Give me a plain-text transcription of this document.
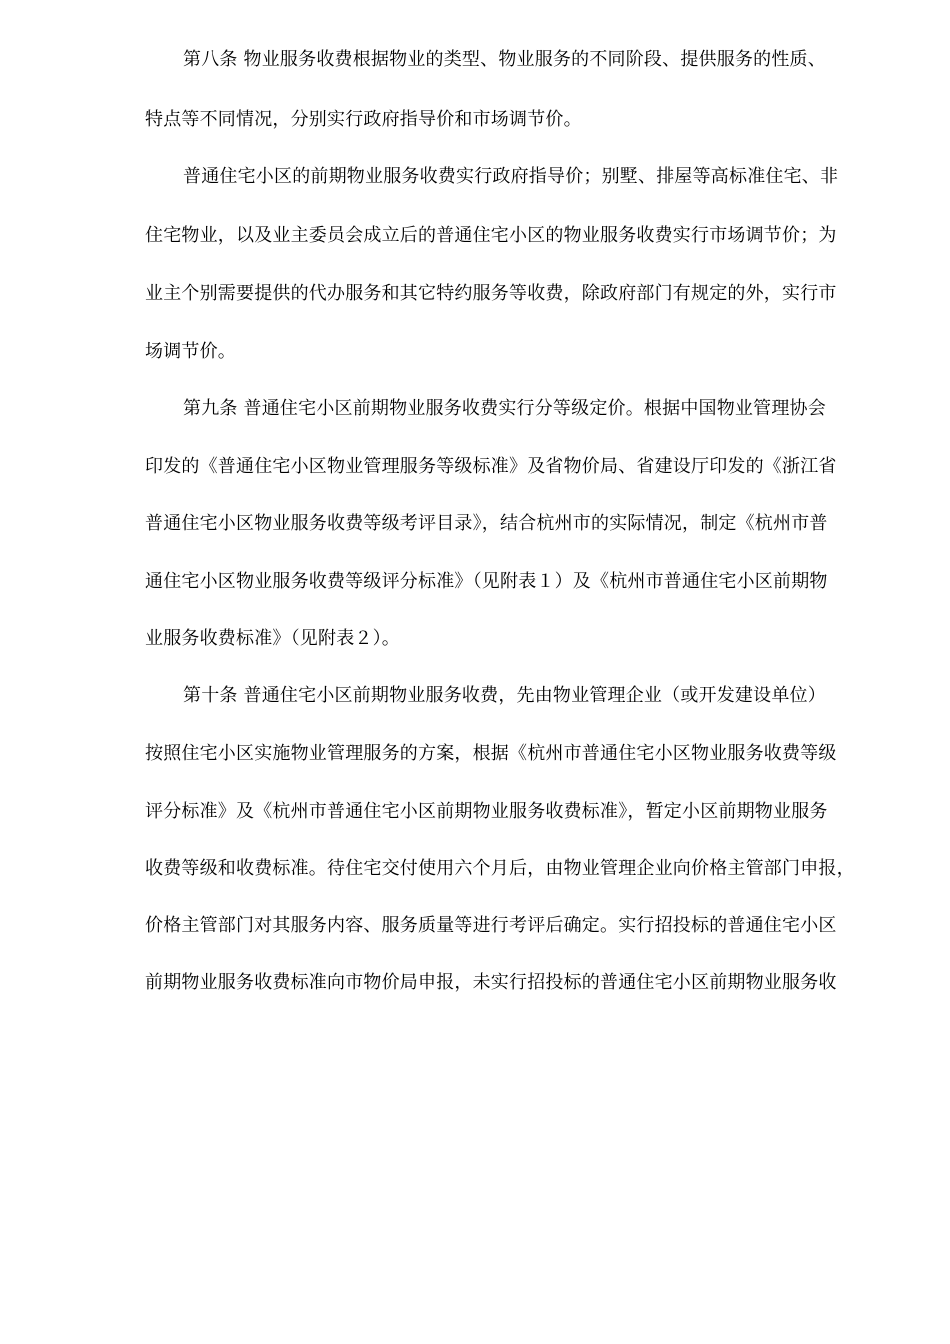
第八条 物业服务收费根据物业的类型、物业服务的不同阶段、提供服务的性质、
特点等不同情况，分别实行政府指导价和市场调节价。
普通住宅小区的前期物业服务收费实行政府指导价；别墅、排屋等高标准住宅、非
住宅物业，以及业主委员会成立后的普通住宅小区的物业服务收费实行市场调节价；为
业主个别需要提供的代办服务和其它特约服务等收费，除政府部门有规定的外，实行市
场调节价。
第九条 普通住宅小区前期物业服务收费实行分等级定价。根据中国物业管理协会
印发的《普通住宅小区物业管理服务等级标准》及省物价局、省建设厅印发的《浙江省
普通住宅小区物业服务收费等级考评目录》，结合杭州市的实际情况，制定《杭州市普
通住宅小区物业服务收费等级评分标准》（见附表１）及《杭州市普通住宅小区前期物
业服务收费标准》（见附表２）。
第十条 普通住宅小区前期物业服务收费，先由物业管理企业（或开发建设单位）
按照住宅小区实施物业管理服务的方案，根据《杭州市普通住宅小区物业服务收费等级
评分标准》及《杭州市普通住宅小区前期物业服务收费标准》，暂定小区前期物业服务
收费等级和收费标准。待住宅交付使用六个月后，由物业管理企业向价格主管部门申报，
价格主管部门对其服务内容、服务质量等进行考评后确定。实行招投标的普通住宅小区
前期物业服务收费标准向市物价局申报，未实行招投标的普通住宅小区前期物业服务收
